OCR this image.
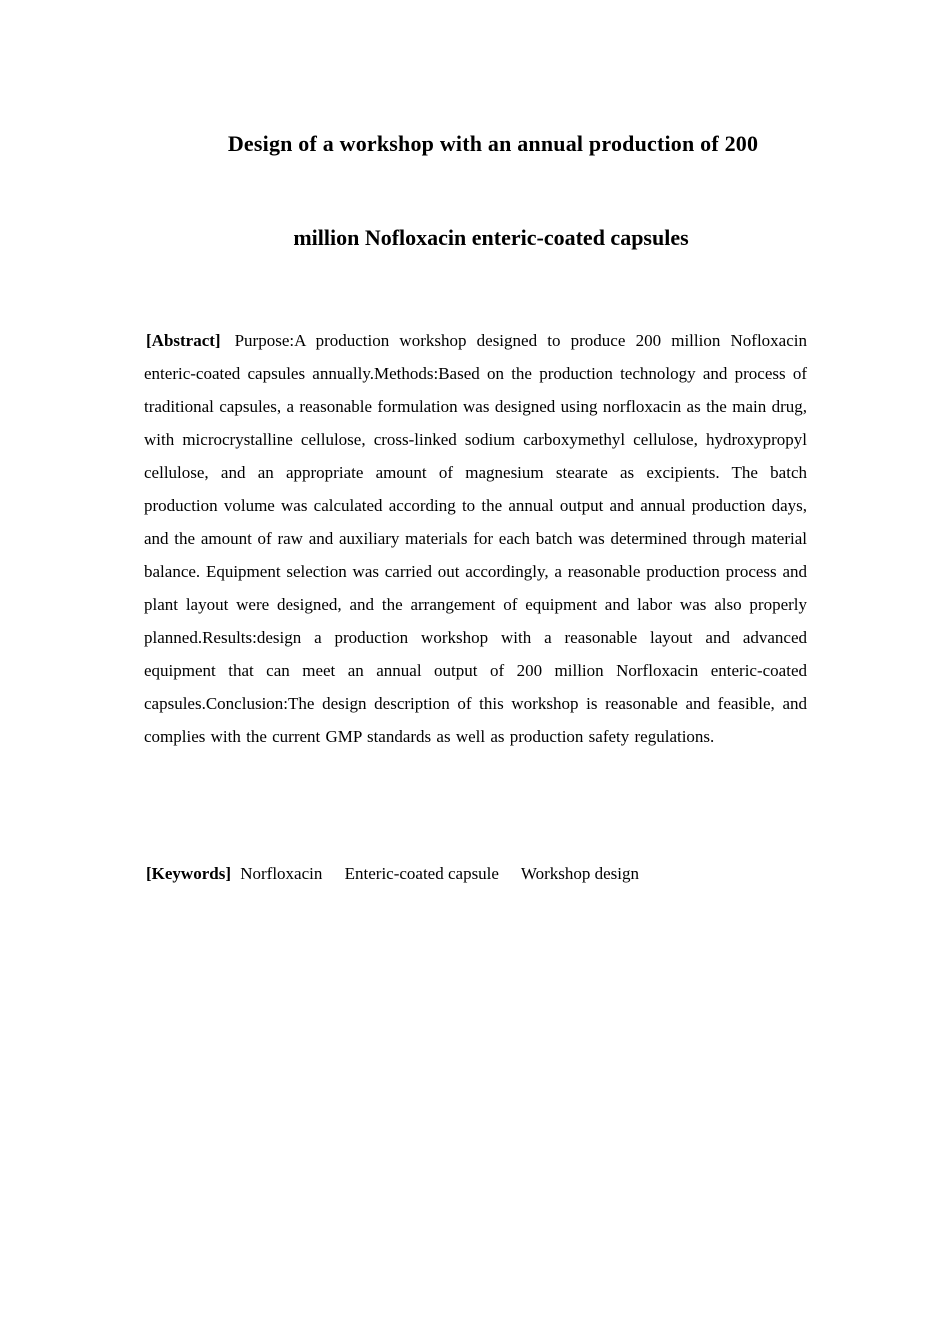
Design of a workshop with an annual production of 200
million Nofloxacin enteric-coated capsules
[Abstract] Purpose:A production workshop designed to produce 200 million Nofloxacin enteric-coated capsules annually.Methods:Based on the production technology and process of traditional capsules, a reasonable formulation was designed using norfloxacin as the main drug, with microcrystalline cellulose, cross-linked sodium carboxymethyl cellulose, hydroxypropyl cellulose, and an appropriate amount of magnesium stearate as excipients. The batch production volume was calculated according to the annual output and annual production days, and the amount of raw and auxiliary materials for each batch was determined through material balance. Equipment selection was carried out accordingly, a reasonable production process and plant layout were designed, and the arrangement of equipment and labor was also properly planned.Results:design a production workshop with a reasonable layout and advanced equipment that can meet an annual output of 200 million Norfloxacin enteric-coated capsules.Conclusion:The design description of this workshop is reasonable and feasible, and complies with the current GMP standards as well as production safety regulations.
[Keywords] Norfloxacin Enteric-coated capsule Workshop design
